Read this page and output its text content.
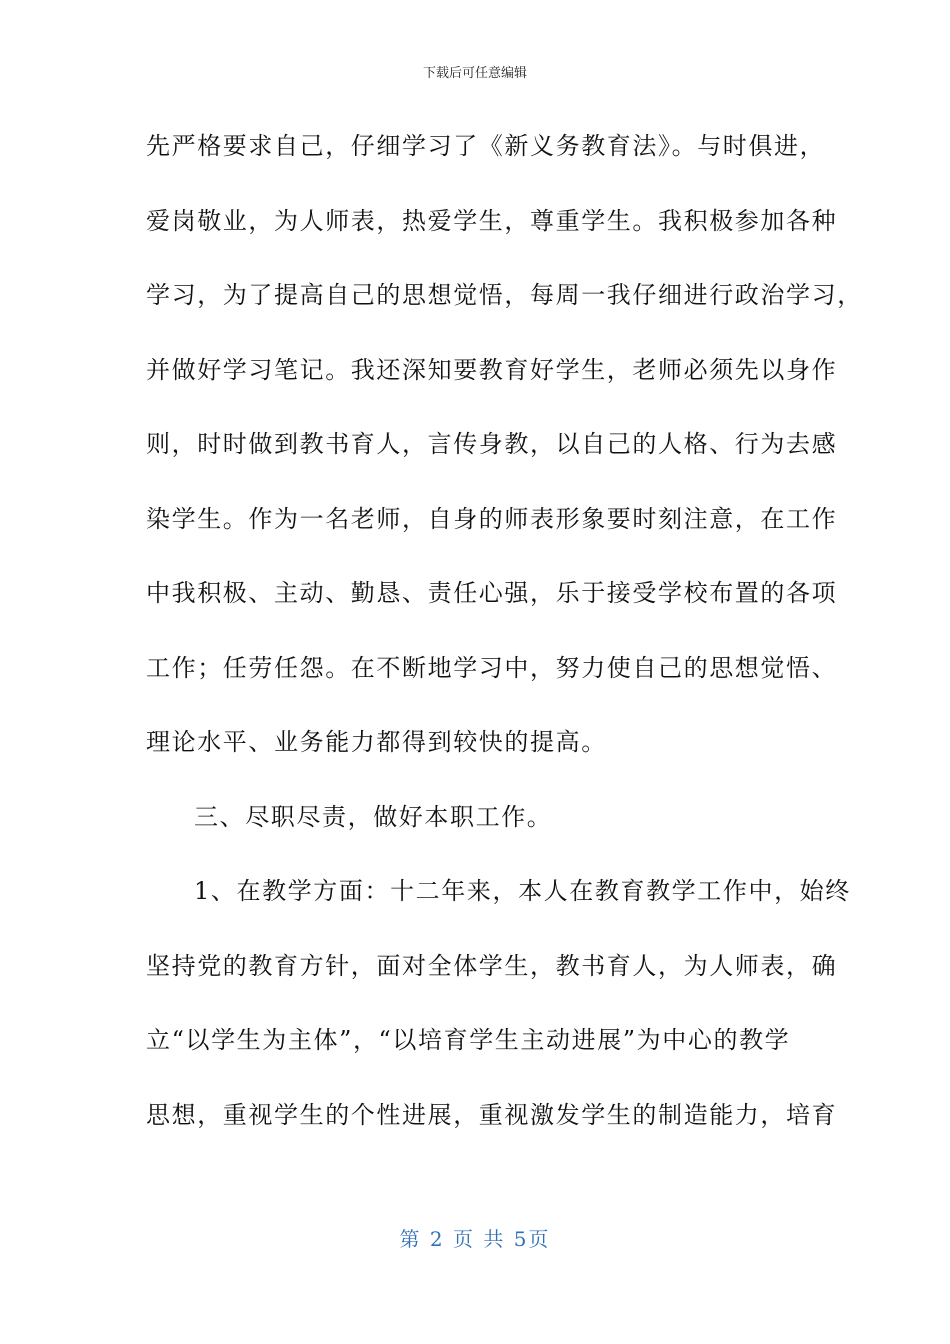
下载后可任意编辑
先严格要求自己，仔细学习了《新义务教育法》。与时俱进，
爱岗敬业，为人师表，热爱学生，尊重学生。我积极参加各种
学习，为了提高自己的思想觉悟，每周一我仔细进行政治学习，
并做好学习笔记。我还深知要教育好学生，老师必须先以身作
则，时时做到教书育人，言传身教，以自己的人格、行为去感
染学生。作为一名老师，自身的师表形象要时刻注意，在工作
中我积极、主动、勤恳、责任心强，乐于接受学校布置的各项
工作；任劳任怨。在不断地学习中，努力使自己的思想觉悟、
理论水平、业务能力都得到较快的提高。
三、尽职尽责，做好本职工作。
1、在教学方面：十二年来，本人在教育教学工作中，始终
坚持党的教育方针，面对全体学生，教书育人，为人师表，确
立“以学生为主体”，“以培育学生主动进展”为中心的教学
思想，重视学生的个性进展，重视激发学生的制造能力，培育
第 2 页 共 5页
